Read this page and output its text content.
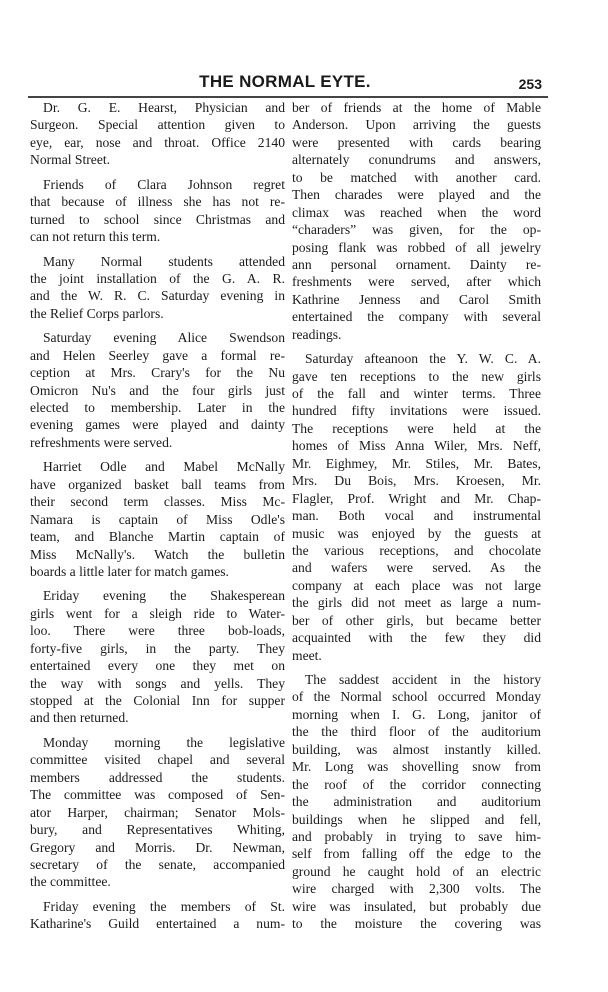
THE NORMAL EYTE.	253
Dr. G. E. Hearst, Physician and
Surgeon. Special attention given to
eye, ear, nose and throat. Office 2140
Normal Street.
Friends of Clara Johnson regret
that because of illness she has not re-
turned to school since Christmas and
can not return this term.
Many Normal students attended
the joint installation of the G. A. R.
and the W. R. C. Saturday evening in
the Relief Corps parlors.
Saturday evening Alice Swendson
and Helen Seerley gave a formal re-
ception at Mrs. Crary's for the Nu
Omicron Nu's and the four girls just
elected to membership. Later in the
evening games were played and dainty
refreshments were served.
Harriet Odle and Mabel McNally
have organized basket ball teams from
their second term classes. Miss Mc-
Namara is captain of Miss Odle's
team, and Blanche Martin captain of
Miss McNally's. Watch the bulletin
boards a little later for match games.
Eriday evening the Shakesperean
girls went for a sleigh ride to Water-
loo. There were three bob-loads,
forty-five girls, in the party. They
entertained every one they met on
the way with songs and yells. They
stopped at the Colonial Inn for supper
and then returned.
Monday morning the legislative
committee visited chapel and several
members addressed the students.
The committee was composed of Sen-
ator Harper, chairman; Senator Mols-
bury, and Representatives Whiting,
Gregory and Morris. Dr. Newman,
secretary of the senate, accompanied
the committee.
Friday evening the members of St.
Katharine's Guild entertained a num-
ber of friends at the home of Mable
Anderson. Upon arriving the guests
were presented with cards bearing
alternately conundrums and answers,
to be matched with another card.
Then charades were played and the
climax was reached when the word
“charaders” was given, for the op-
posing flank was robbed of all jewelry
ann personal ornament. Dainty re-
freshments were served, after which
Kathrine Jenness and Carol Smith
entertained the company with several
readings.
Saturday afteanoon the Y. W. C. A.
gave ten receptions to the new girls
of the fall and winter terms. Three
hundred fifty invitations were issued.
The receptions were held at the
homes of Miss Anna Wiler, Mrs. Neff,
Mr. Eighmey, Mr. Stiles, Mr. Bates,
Mrs. Du Bois, Mrs. Kroesen, Mr.
Flagler, Prof. Wright and Mr. Chap-
man. Both vocal and instrumental
music was enjoyed by the guests at
the various receptions, and chocolate
and wafers were served. As the
company at each place was not large
the girls did not meet as large a num-
ber of other girls, but became better
acquainted with the few they did
meet.
The saddest accident in the history
of the Normal school occurred Monday
morning when I. G. Long, janitor of
the the third floor of the auditorium
building, was almost instantly killed.
Mr. Long was shovelling snow from
the roof of the corridor connecting
the administration and auditorium
buildings when he slipped and fell,
and probably in trying to save him-
self from falling off the edge to the
ground he caught hold of an electric
wire charged with 2,300 volts. The
wire was insulated, but probably due
to the moisture the covering was
